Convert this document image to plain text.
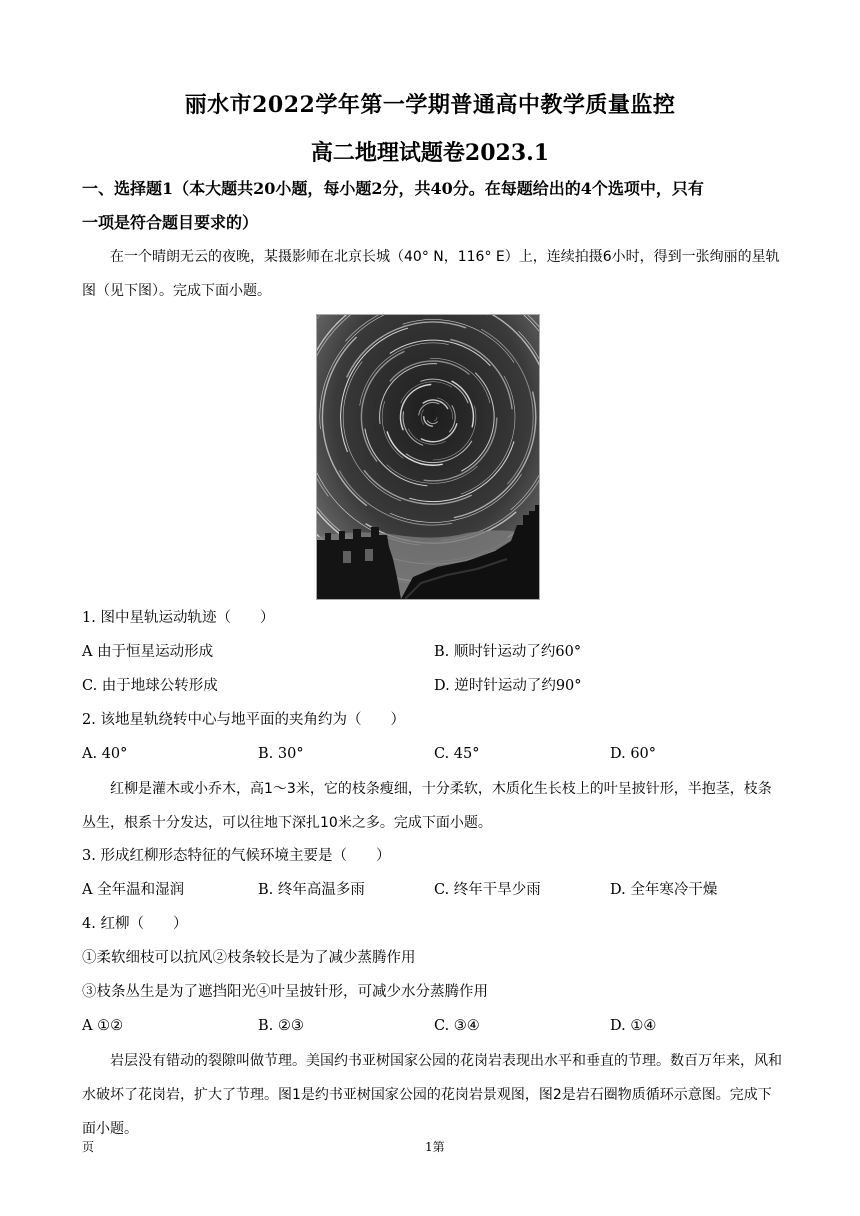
丽水市2022学年第一学期普通高中教学质量监控
高二地理试题卷2023.1
一、选择题1（本大题共20小题，每小题2分，共40分。在每题给出的4个选项中，只有
一项是符合题目要求的）
在一个晴朗无云的夜晚，某摄影师在北京长城（40° N，116° E）上，连续拍摄6小时，得到一张绚丽的星轨图（见下图）。完成下面小题。
1. 图中星轨运动轨迹（　　）
A 由于恒星运动形成	B. 顺时针运动了约60°
C. 由于地球公转形成	D. 逆时针运动了约90°
2. 该地星轨绕转中心与地平面的夹角约为（　　）
A. 40°	B. 30°	C. 45°	D. 60°
红柳是灌木或小乔木，高1～3米，它的枝条瘦细，十分柔软，木质化生长枝上的叶呈披针形，半抱茎，枝条丛生，根系十分发达，可以往地下深扎10米之多。完成下面小题。
3. 形成红柳形态特征的气候环境主要是（　　）
A 全年温和湿润	B. 终年高温多雨	C. 终年干旱少雨	D. 全年寒冷干燥
4. 红柳（　　）
①柔软细枝可以抗风②枝条较长是为了减少蒸腾作用
③枝条丛生是为了遮挡阳光④叶呈披针形，可减少水分蒸腾作用
A ①②	B. ②③	C. ③④	D. ①④
岩层没有错动的裂隙叫做节理。美国约书亚树国家公园的花岗岩表现出水平和垂直的节理。数百万年来，风和水破坏了花岗岩，扩大了节理。图1是约书亚树国家公园的花岗岩景观图，图2是岩石圈物质循环示意图。完成下面小题。
页	1第
